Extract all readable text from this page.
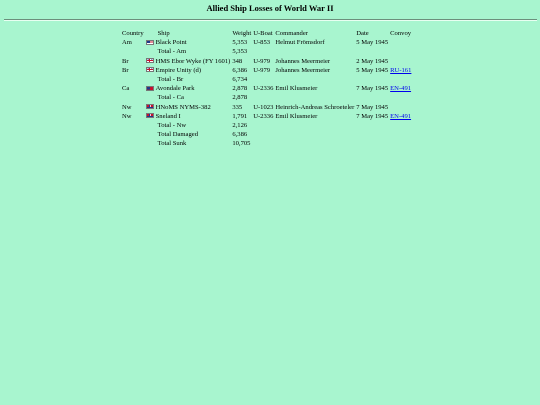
Allied Ship Losses of World War II
Country	Ship	Weight	U-Boat	Commander	Date	Convoy
Am	Black Point	5,353	U-853	Helmut Frömsdorf	5 May 1945	
	Total - Am	5,353				
Br	HMS Ebor Wyke (FY 1601)	348	U-979	Johannes Meermeier	2 May 1945	
Br	Empire Unity (d)	6,386	U-979	Johannes Meermeier	5 May 1945	RU-161
	Total - Br	6,734				
Ca	Avondale Park	2,878	U-2336	Emil Klusmeier	7 May 1945	EN-491
	Total - Ca	2,878				
Nw	HNoMS NYMS-382	335	U-1023	Heinrich-Andreas Schroeteler	7 May 1945	
Nw	Sneland I	1,791	U-2336	Emil Klusmeier	7 May 1945	EN-491
	Total - Nw	2,126				
	Total Damaged	6,386				
	Total Sunk	10,705				
